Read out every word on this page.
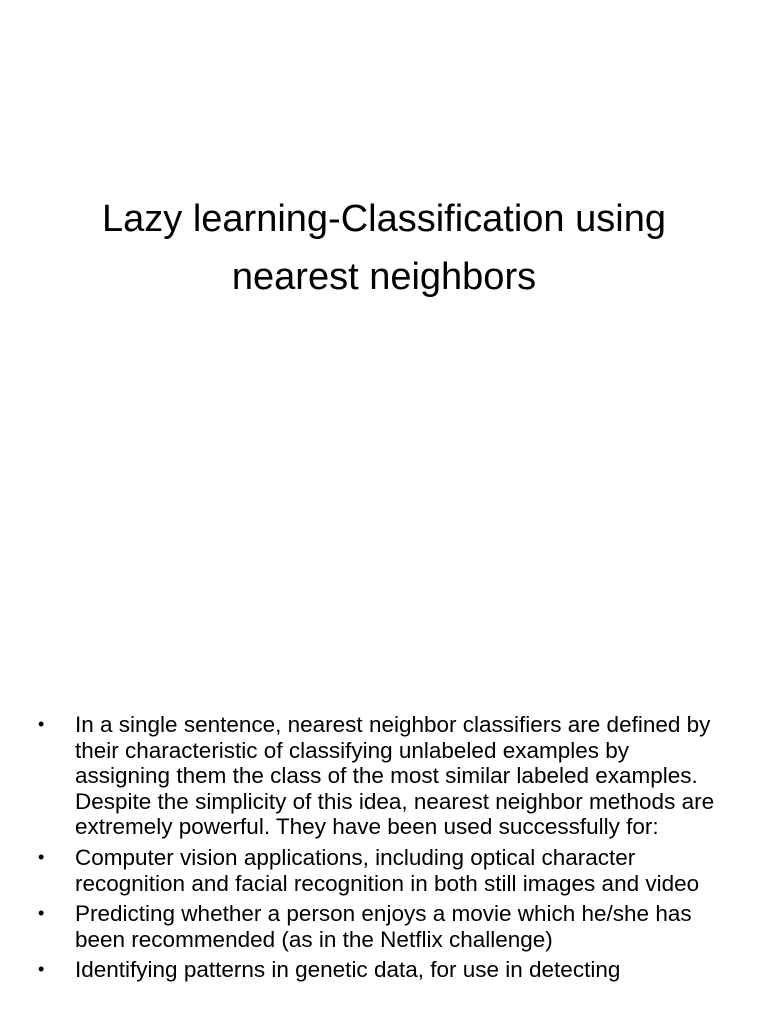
Lazy learning-Classification using
nearest neighbors
•	In a single sentence, nearest neighbor classifiers are defined by their characteristic of classifying unlabeled examples by assigning them the class of the most similar labeled examples. Despite the simplicity of this idea, nearest neighbor methods are extremely powerful. They have been used successfully for:
•	Computer vision applications, including optical character recognition and facial recognition in both still images and video
•	Predicting whether a person enjoys a movie which he/she has been recommended (as in the Netflix challenge)
•	Identifying patterns in genetic data, for use in detecting
